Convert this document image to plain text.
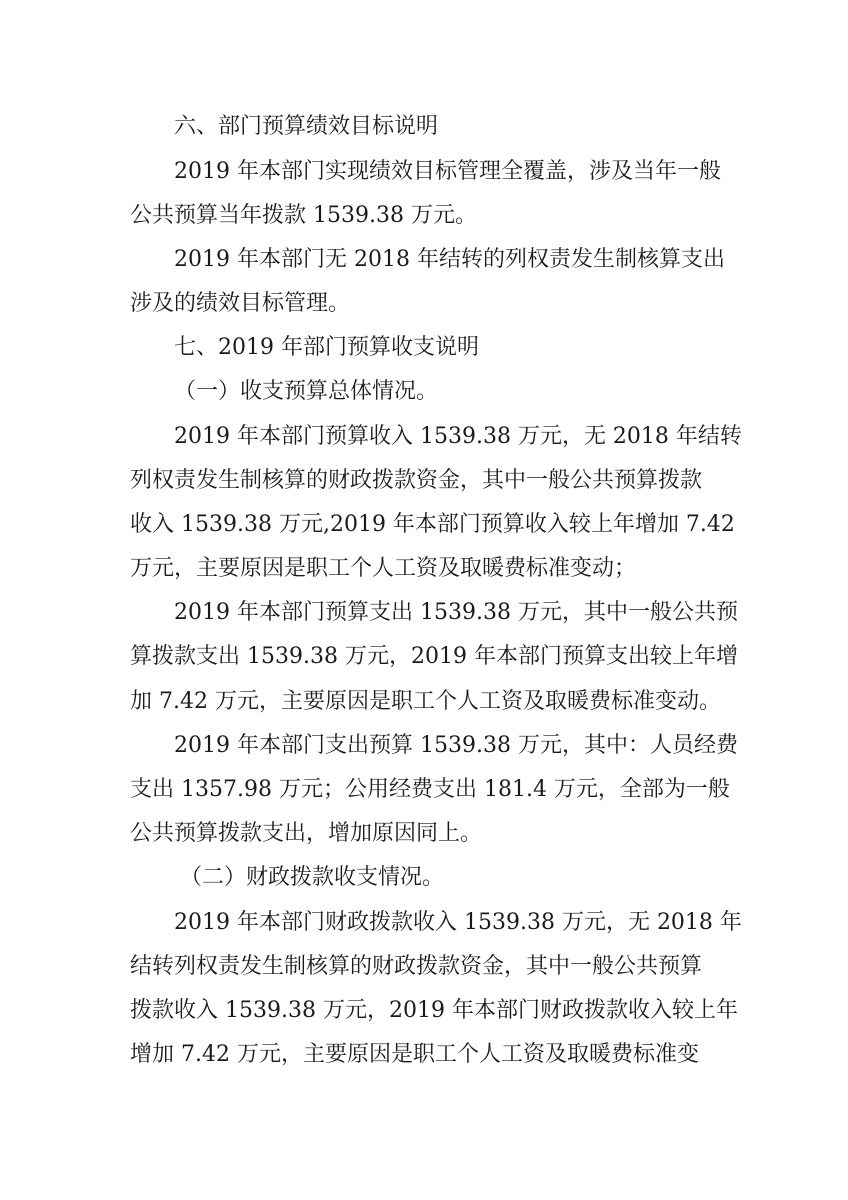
六、部门预算绩效目标说明
2019 年本部门实现绩效目标管理全覆盖，涉及当年一般
公共预算当年拨款 1539.38 万元。
2019 年本部门无 2018 年结转的列权责发生制核算支出
涉及的绩效目标管理。
七、2019 年部门预算收支说明
（一）收支预算总体情况。
2019 年本部门预算收入 1539.38 万元，无 2018 年结转
列权责发生制核算的财政拨款资金，其中一般公共预算拨款
收入 1539.38 万元,2019 年本部门预算收入较上年增加 7.42
万元，主要原因是职工个人工资及取暖费标准变动；
2019 年本部门预算支出 1539.38 万元，其中一般公共预
算拨款支出 1539.38 万元，2019 年本部门预算支出较上年增
加 7.42 万元，主要原因是职工个人工资及取暖费标准变动。
2019 年本部门支出预算 1539.38 万元，其中：人员经费
支出 1357.98 万元；公用经费支出 181.4 万元，全部为一般
公共预算拨款支出，增加原因同上。
（二）财政拨款收支情况。
2019 年本部门财政拨款收入 1539.38 万元，无 2018 年
结转列权责发生制核算的财政拨款资金，其中一般公共预算
拨款收入 1539.38 万元，2019 年本部门财政拨款收入较上年
增加 7.42 万元，主要原因是职工个人工资及取暖费标准变
